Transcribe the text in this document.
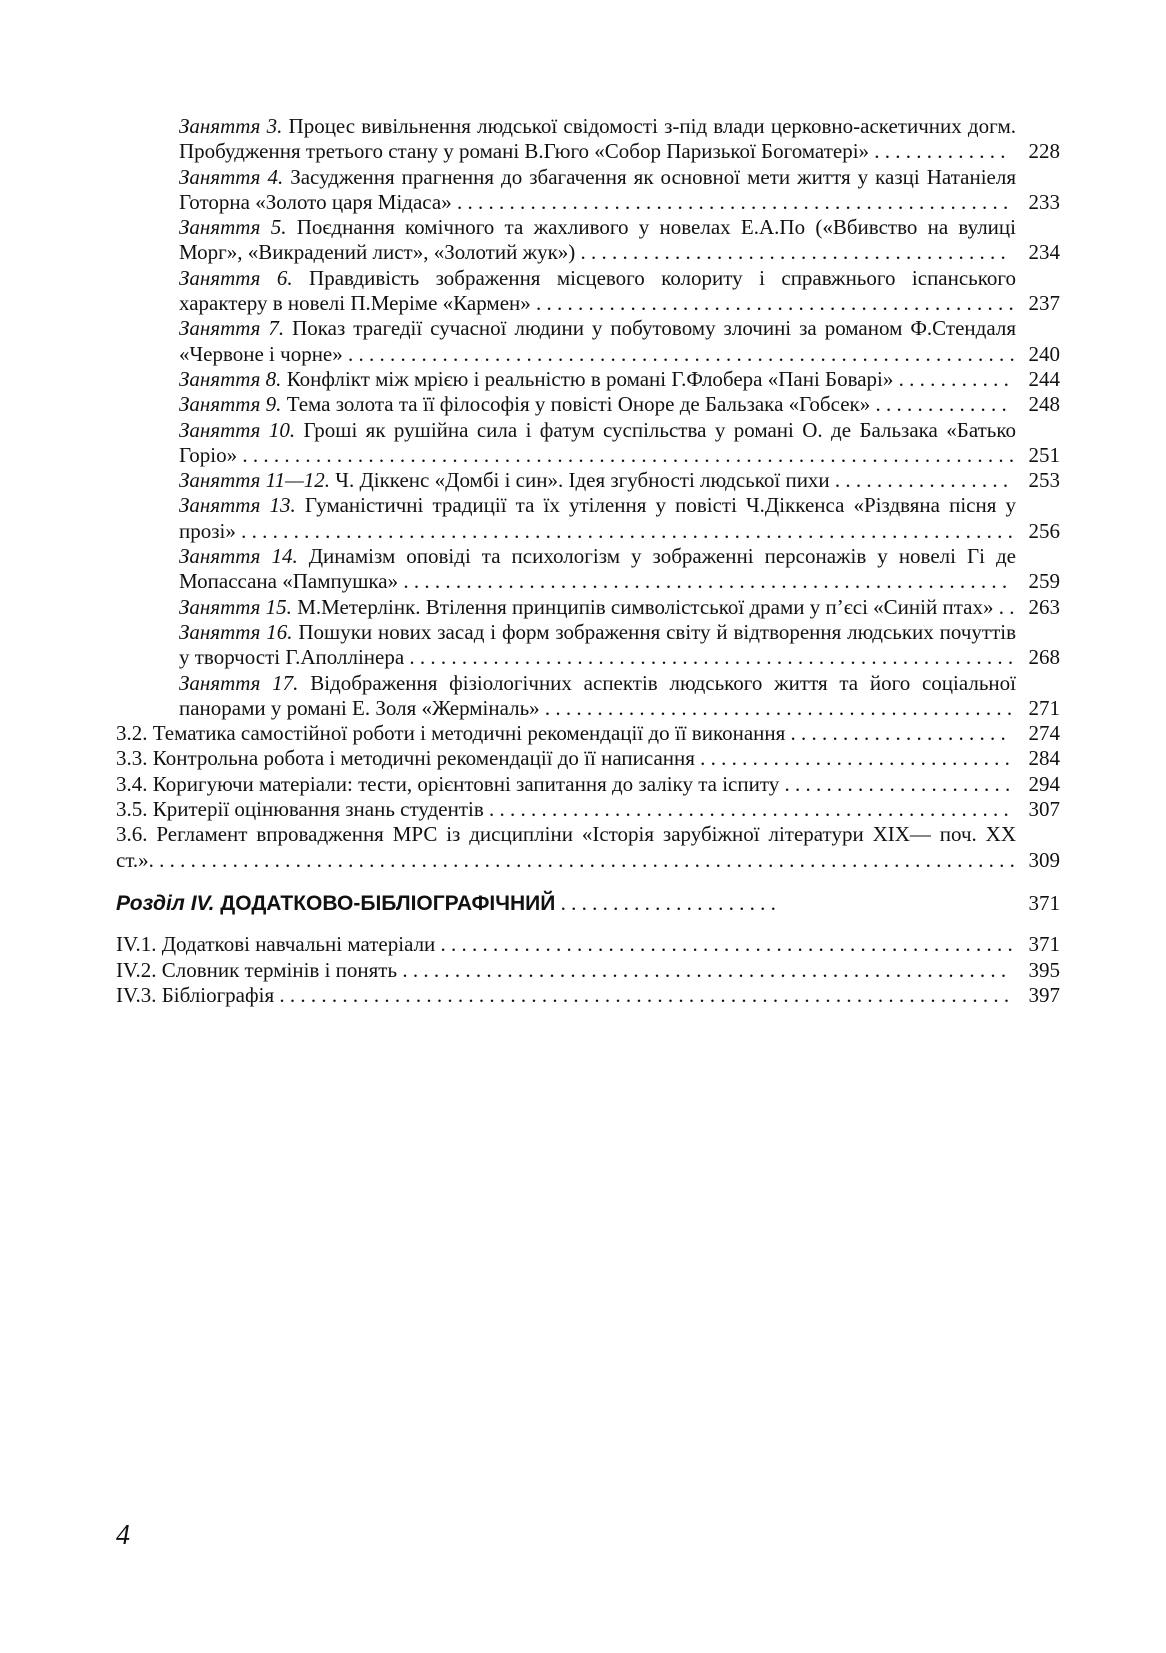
Заняття 3. Процес вивільнення людської свідомості з-під влади церковно-аскетичних догм. Пробудження третього стану у романі В.Гюго «Собор Паризької Богоматері» . . . . . . . . . . . . .	228
Заняття 4. Засудження прагнення до збагачення як основної мети життя у казці Натаніеля Готорна «Золото царя Мідаса» . . . . . . . . . . . . . . . . . . . . . . . . . . . . . . . . . . . . . . . . . . . . . . . . . . . . . 233
Заняття 5. Поєднання комічного та жахливого у новелах Е.А.По («Вбивство на вулиці Морг», «Викрадений лист», «Золотий жук») . . . . . . . . . . . . . . . . . . . . . . . . . . . . . . . . . . . . . . . . .	234
Заняття 6. Правдивість зображення місцевого колориту і справжнього іспанського характеру в новелі П.Меріме «Кармен» . . . . . . . . . . . . . . . . . . . . . . . . . . . . . . . . . . . . . . . . . . . . . . 237
Заняття 7. Показ трагедії сучасної людини у побутовому злочині за романом Ф.Стендаля «Червоне і чорне» . . . . . . . . . . . . . . . . . . . . . . . . . . . . . . . . . . . . . . . . . . . . . . . . . . . . . . . . . . . . . . . . 240
Заняття 8. Конфлікт між мрією і реальністю в романі Г.Флобера «Пані Боварі» . . . . . . . . . . . 244
Заняття 9. Тема золота та її філософія у повісті Оноре де Бальзака «Гобсек» . . . . . . . . . . . . .	248
Заняття 10. Гроші як рушійна сила і фатум суспільства у романі О. де Бальзака «Батько Горіо» . . . . . . . . . . . . . . . . . . . . . . . . . . . . . . . . . . . . . . . . . . . . . . . . . . . . . . . . . . . . . . . . . . . . . . . . . . 251
Заняття 11—12. Ч. Діккенс «Домбі і син». Ідея згубності людської пихи . . . . . . . . . . . . . . . . . 253
Заняття 13. Гуманістичні традиції та їх утілення у повісті Ч.Діккенса «Різдвяна пісня у прозі» . . . . . . . . . . . . . . . . . . . . . . . . . . . . . . . . . . . . . . . . . . . . . . . . . . . . . . . . . . . . . . . . . . . . . . . . . . 256
Заняття 14. Динамізм оповіді та психологізм у зображенні персонажів у новелі Гі де Мопассана «Пампушка» . . . . . . . . . . . . . . . . . . . . . . . . . . . . . . . . . . . . . . . . . . . . . . . . . . . . . . . . . .	259
Заняття 15. М.Метерлінк. Втілення принципів символістської драми у п’єсі «Синій птах» . . 263
Заняття 16. Пошуки нових засад і форм зображення світу й відтворення людських почуттів у творчості Г.Аполлінера . . . . . . . . . . . . . . . . . . . . . . . . . . . . . . . . . . . . . . . . . . . . . . . . . . . . . . . . . . 268
Заняття 17. Відображення фізіологічних аспектів людського життя та його соціальної панорами у романі Е. Золя «Жерміналь» . . . . . . . . . . . . . . . . . . . . . . . . . . . . . . . . . . . . . . . . . . . . . 271
3.2. Тематика самостійної роботи і методичні рекомендації до її виконання . . . . . . . . . . . . . . . . . . . . .	274
3.3. Контрольна робота і методичні рекомендації до її написання . . . . . . . . . . . . . . . . . . . . . . . . . . . . . . 284
3.4. Коригуючи матеріали: тести, орієнтовні запитання до заліку та іспиту . . . . . . . . . . . . . . . . . . . . . . 294
3.5. Критерії оцінювання знань студентів . . . . . . . . . . . . . . . . . . . . . . . . . . . . . . . . . . . . . . . . . . . . . . . . . . 307
3.6. Регламент впровадження МРС із дисципліни «Історія зарубіжної літератури XIX— поч. XX ст.». . . . . . . . . . . . . . . . . . . . . . . . . . . . . . . . . . . . . . . . . . . . . . . . . . . . . . . . . . . . . . . . . . . . . . . . . . . . . . . . . . . 309
Розділ IV. ДОДАТКОВО-БІБЛІОГРАФІЧНИЙ . . . . . . . . . . . . . . . . . . . . .	371
IV.1. Додаткові навчальні матеріали . . . . . . . . . . . . . . . . . . . . . . . . . . . . . . . . . . . . . . . . . . . . . . . . . . . . . . . 371
IV.2. Словник термінів і понять . . . . . . . . . . . . . . . . . . . . . . . . . . . . . . . . . . . . . . . . . . . . . . . . . . . . . . . . . .	395
IV.3. Бібліографія . . . . . . . . . . . . . . . . . . . . . . . . . . . . . . . . . . . . . . . . . . . . . . . . . . . . . . . . . . . . . . . . . . . . . . 397
4
